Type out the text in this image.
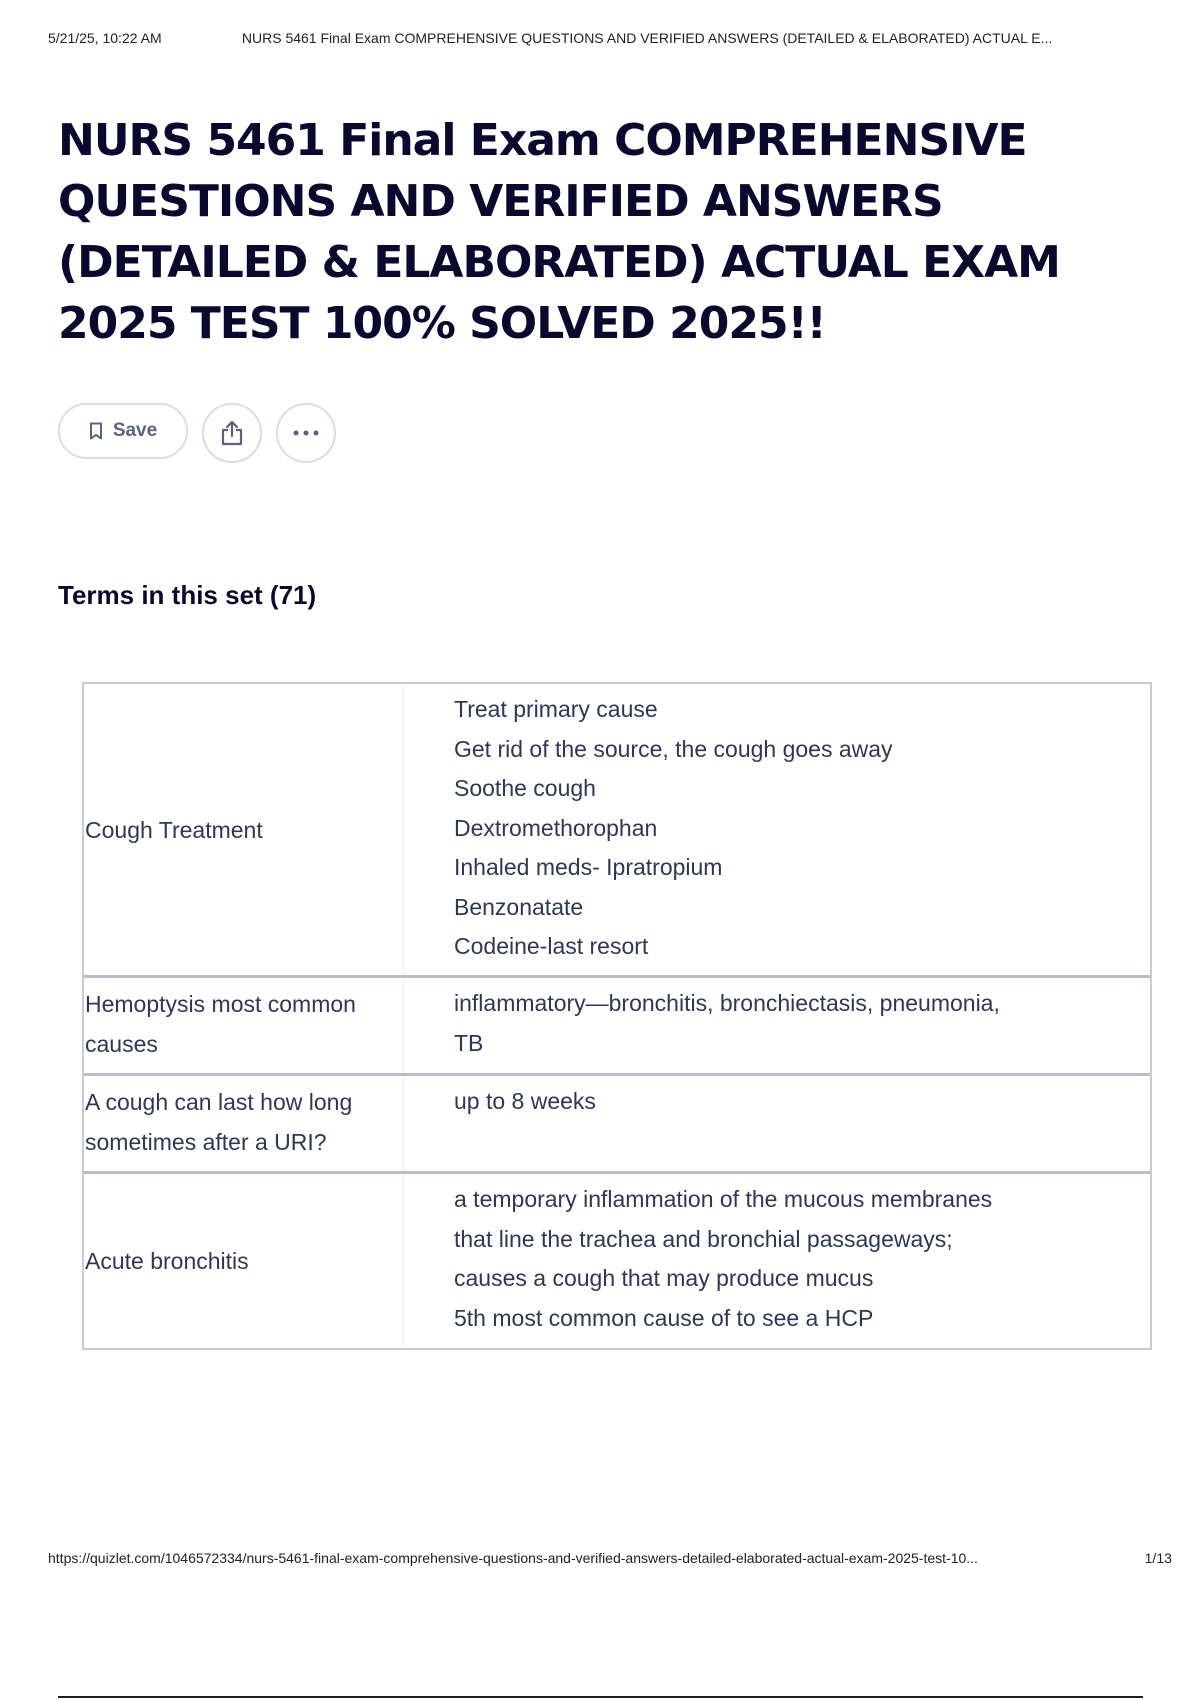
5/21/25, 10:22 AM	NURS 5461 Final Exam COMPREHENSIVE QUESTIONS AND VERIFIED ANSWERS (DETAILED & ELABORATED) ACTUAL E...
NURS 5461 Final Exam COMPREHENSIVE QUESTIONS AND VERIFIED ANSWERS (DETAILED & ELABORATED) ACTUAL EXAM 2025 TEST 100% SOLVED 2025!!
Save
Terms in this set (71)
Cough Treatment
Treat primary cause
Get rid of the source, the cough goes away
Soothe cough
Dextromethorophan
Inhaled meds- Ipratropium
Benzonatate
Codeine-last resort
Hemoptysis most common causes
inflammatory—bronchitis, bronchiectasis, pneumonia,
TB
A cough can last how long sometimes after a URI?
up to 8 weeks
Acute bronchitis
a temporary inflammation of the mucous membranes
that line the trachea and bronchial passageways;
causes a cough that may produce mucus
5th most common cause of to see a HCP
https://quizlet.com/1046572334/nurs-5461-final-exam-comprehensive-questions-and-verified-answers-detailed-elaborated-actual-exam-2025-test-10...	1/13
